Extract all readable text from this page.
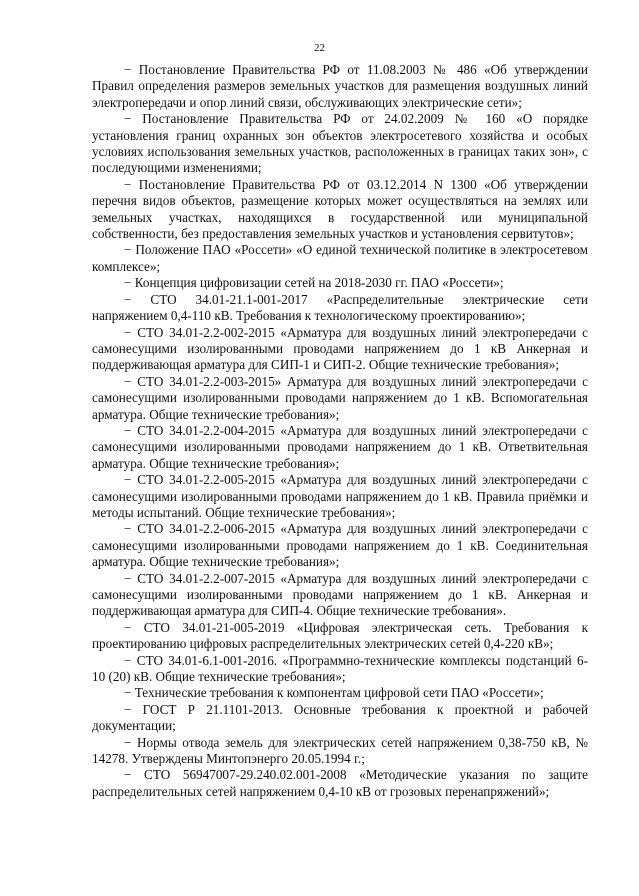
22

− Постановление Правительства РФ от 11.08.2003 № 486 «Об утверждении Правил определения размеров земельных участков для размещения воздушных линий электропередачи и опор линий связи, обслуживающих электрические сети»;

− Постановление Правительства РФ от 24.02.2009 № 160 «О порядке установления границ охранных зон объектов электросетевого хозяйства и особых условиях использования земельных участков, расположенных в границах таких зон», с последующими изменениями;

− Постановление Правительства РФ от 03.12.2014 N 1300 «Об утверждении перечня видов объектов, размещение которых может осуществляться на землях или земельных участках, находящихся в государственной или муниципальной собственности, без предоставления земельных участков и установления сервитутов»;

− Положение ПАО «Россети» «О единой технической политике в электросетевом комплексе»;

− Концепция цифровизации сетей на 2018-2030 гг. ПАО «Россети»;

− СТО 34.01-21.1-001-2017 «Распределительные электрические сети напряжением 0,4-110 кВ. Требования к технологическому проектированию»;

− СТО 34.01-2.2-002-2015 «Арматура для воздушных линий электропередачи с самонесущими изолированными проводами напряжением до 1 кВ Анкерная и поддерживающая арматура для СИП-1 и СИП-2. Общие технические требования»;

− СТО 34.01-2.2-003-2015» Арматура для воздушных линий электропередачи с самонесущими изолированными проводами напряжением до 1 кВ. Вспомогательная арматура. Общие технические требования»;

− СТО 34.01-2.2-004-2015 «Арматура для воздушных линий электропередачи с самонесущими изолированными проводами напряжением до 1 кВ. Ответвительная арматура. Общие технические требования»;

− СТО 34.01-2.2-005-2015 «Арматура для воздушных линий электропередачи с самонесущими изолированными проводами напряжением до 1 кВ. Правила приёмки и методы испытаний. Общие технические требования»;

− СТО 34.01-2.2-006-2015 «Арматура для воздушных линий электропередачи с самонесущими изолированными проводами напряжением до 1 кВ. Соединительная арматура. Общие технические требования»;

− СТО 34.01-2.2-007-2015 «Арматура для воздушных линий электропередачи с самонесущими изолированными проводами напряжением до 1 кВ. Анкерная и поддерживающая арматура для СИП-4. Общие технические требования».

− СТО 34.01-21-005-2019 «Цифровая электрическая сеть. Требования к проектированию цифровых распределительных электрических сетей 0,4-220 кВ»;

− СТО 34.01-6.1-001-2016. «Программно-технические комплексы подстанций 6-10 (20) кВ. Общие технические требования»;

− Технические требования к компонентам цифровой сети ПАО «Россети»;

− ГОСТ Р 21.1101-2013. Основные требования к проектной и рабочей документации;

− Нормы отвода земель для электрических сетей напряжением 0,38-750 кВ, № 14278. Утверждены Минтопэнерго 20.05.1994 г.;

− СТО 56947007-29.240.02.001-2008 «Методические указания по защите распределительных сетей напряжением 0,4-10 кВ от грозовых перенапряжений»;
